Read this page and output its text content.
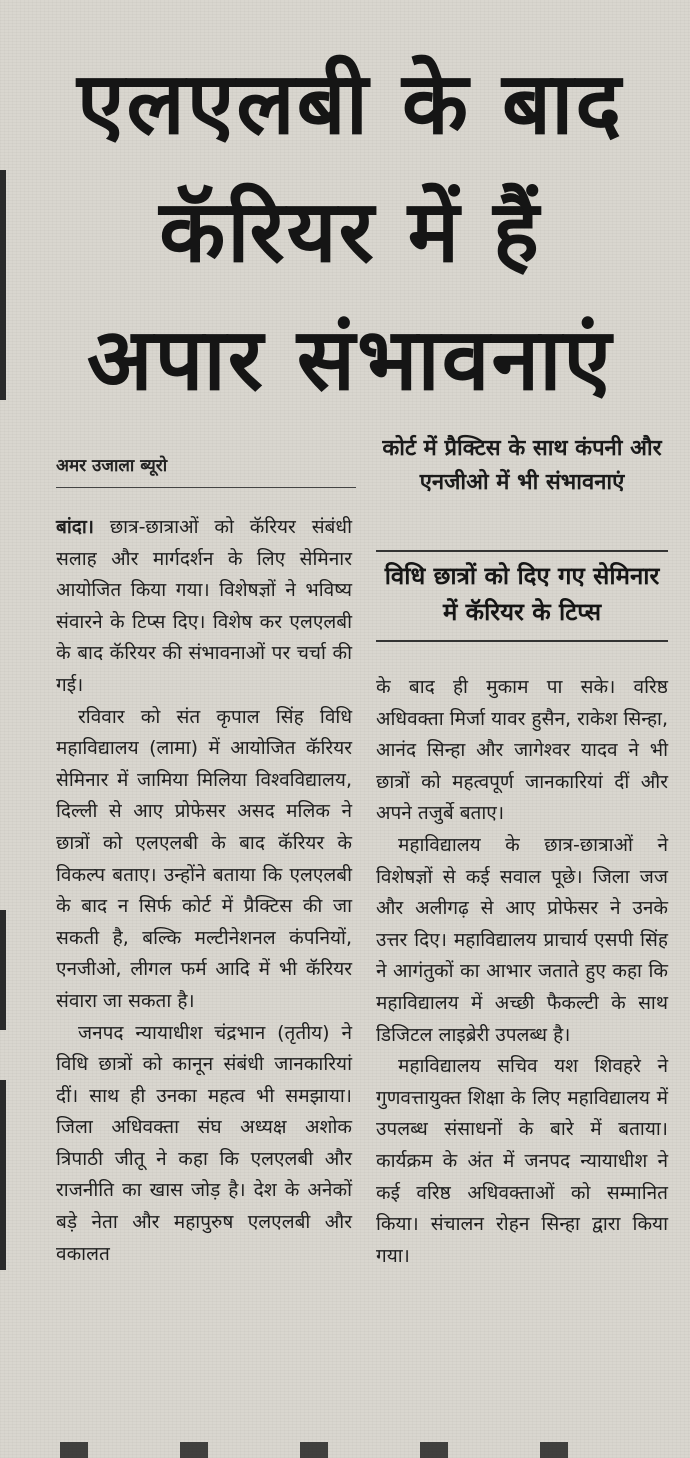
एलएलबी के बाद
कॅरियर में हैं
अपार संभावनाएं
अमर उजाला ब्यूरो

बांदा। छात्र-छात्राओं को कॅरियर संबंधी सलाह और मार्गदर्शन के लिए सेमिनार आयोजित किया गया। विशेषज्ञों ने भविष्य संवारने के टिप्स दिए। विशेष कर एलएलबी के बाद कॅरियर की संभावनाओं पर चर्चा की गई।

रविवार को संत कृपाल सिंह विधि महाविद्यालय (लामा) में आयोजित कॅरियर सेमिनार में जामिया मिलिया विश्वविद्यालय, दिल्ली से आए प्रोफेसर असद मलिक ने छात्रों को एलएलबी के बाद कॅरियर के विकल्प बताए। उन्होंने बताया कि एलएलबी के बाद न सिर्फ कोर्ट में प्रैक्टिस की जा सकती है, बल्कि मल्टीनेशनल कंपनियों, एनजीओ, लीगल फर्म आदि में भी कॅरियर संवारा जा सकता है।

जनपद न्यायाधीश चंद्रभान (तृतीय) ने विधि छात्रों को कानून संबंधी जानकारियां दीं। साथ ही उनका महत्व भी समझाया। जिला अधिवक्ता संघ अध्यक्ष अशोक त्रिपाठी जीतू ने कहा कि एलएलबी और राजनीति का खास जोड़ है। देश के अनेकों बड़े नेता और महापुरुष एलएलबी और वकालत

कोर्ट में प्रैक्टिस के साथ कंपनी और एनजीओ में भी संभावनाएं
विधि छात्रों को दिए गए सेमिनार में कॅरियर के टिप्स

के बाद ही मुकाम पा सके। वरिष्ठ अधिवक्ता मिर्जा यावर हुसैन, राकेश सिन्हा, आनंद सिन्हा और जागेश्वर यादव ने भी छात्रों को महत्वपूर्ण जानकारियां दीं और अपने तजुर्बे बताए।

महाविद्यालय के छात्र-छात्राओं ने विशेषज्ञों से कई सवाल पूछे। जिला जज और अलीगढ़ से आए प्रोफेसर ने उनके उत्तर दिए। महाविद्यालय प्राचार्य एसपी सिंह ने आगंतुकों का आभार जताते हुए कहा कि महाविद्यालय में अच्छी फैकल्टी के साथ डिजिटल लाइब्रेरी उपलब्ध है।

महाविद्यालय सचिव यश शिवहरे ने गुणवत्तायुक्त शिक्षा के लिए महाविद्यालय में उपलब्ध संसाधनों के बारे में बताया। कार्यक्रम के अंत में जनपद न्यायाधीश ने कई वरिष्ठ अधिवक्ताओं को सम्मानित किया। संचालन रोहन सिन्हा द्वारा किया गया।
